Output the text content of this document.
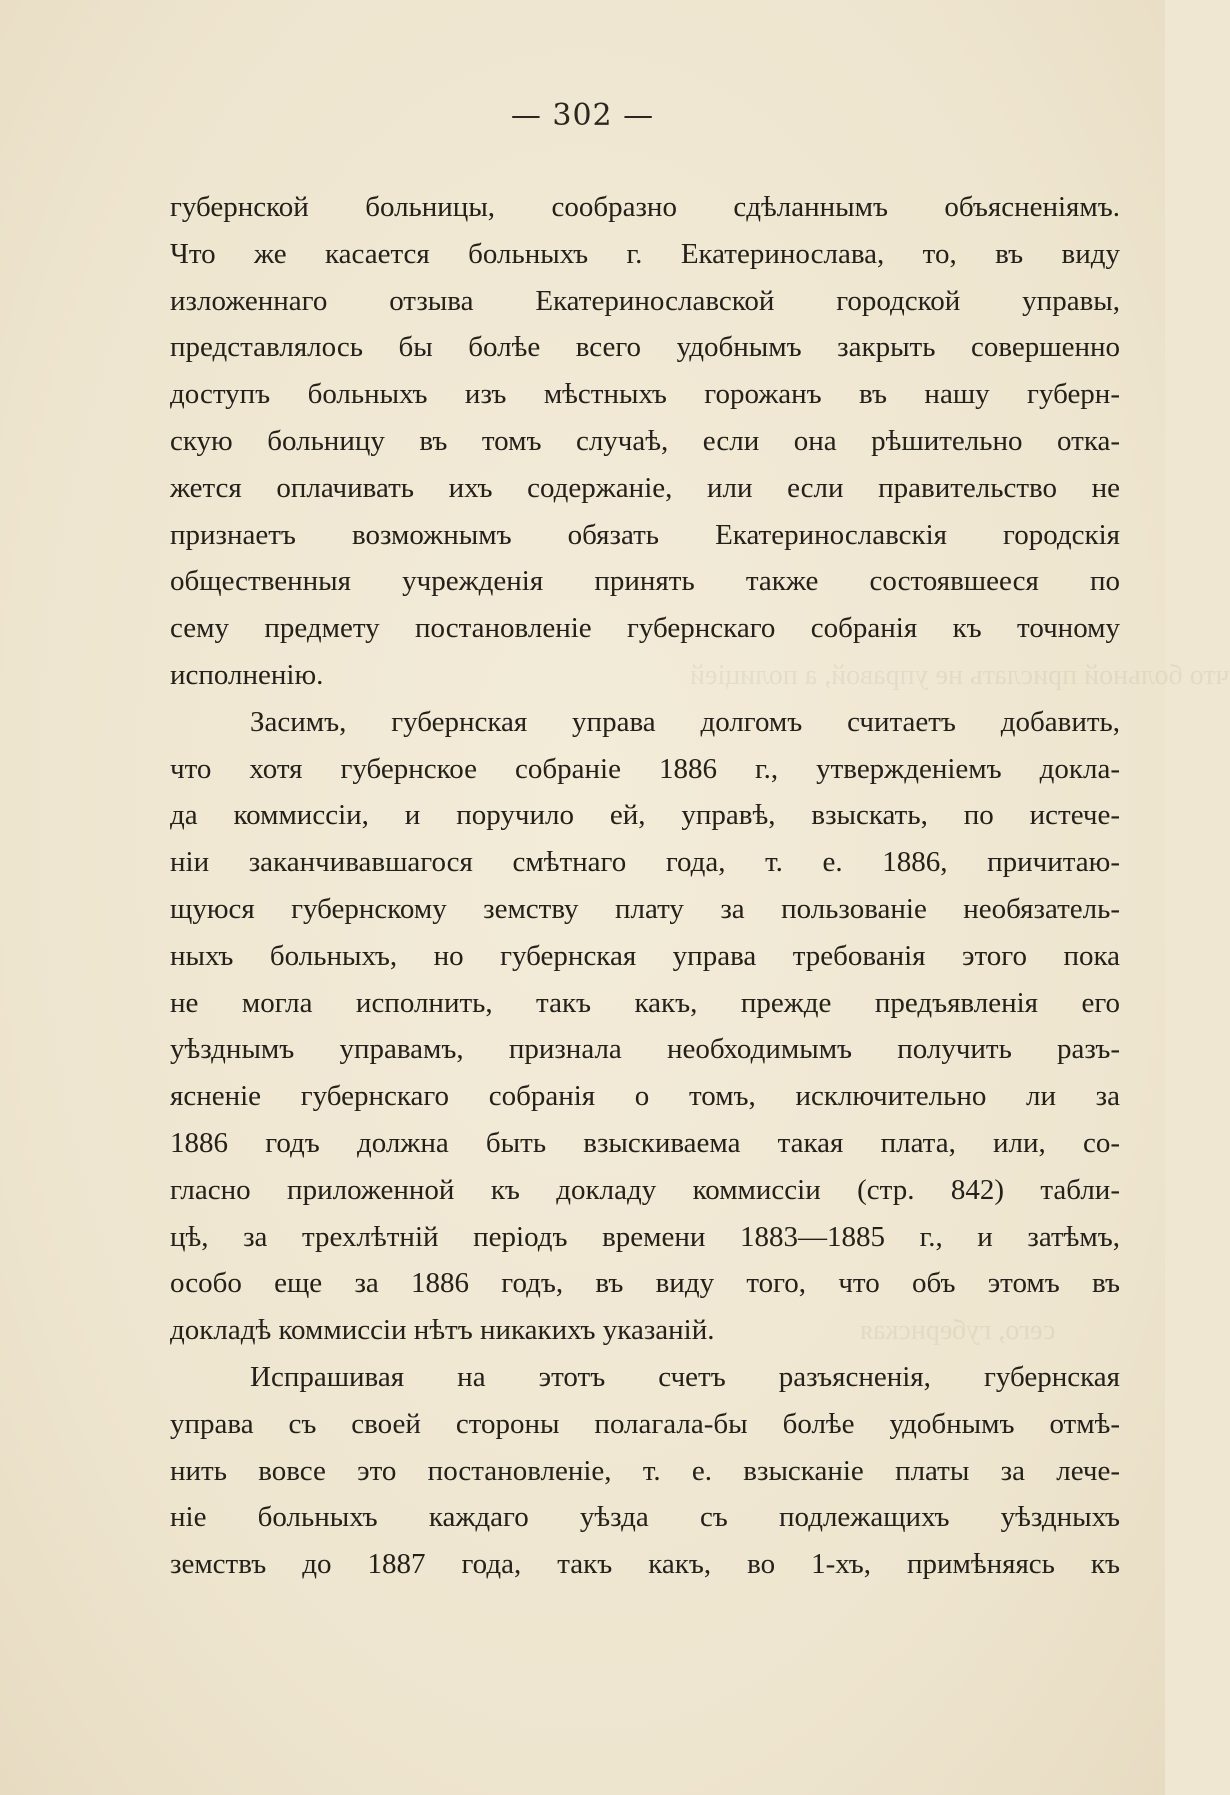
что больной прислать не управой, а полиціей
сего, губернская
— 302 —
губернской больницы, сообразно сдѣланнымъ объясненіямъ.
Что же касается больныхъ г. Екатеринослава, то, въ виду
изложеннаго отзыва Екатеринославской городской управы,
представлялось бы болѣе всего удобнымъ закрыть совершенно
доступъ больныхъ изъ мѣстныхъ горожанъ въ нашу губерн-
скую больницу въ томъ случаѣ, если она рѣшительно отка-
жется оплачивать ихъ содержаніе, или если правительство не
признаетъ возможнымъ обязать Екатеринославскія городскія
общественныя учрежденія принять также состоявшееся по
сему предмету постановленіе губернскаго собранія къ точному
исполненію.
Засимъ, губернская управа долгомъ считаетъ добавить,
что хотя губернское собраніе 1886 г., утвержденіемъ докла-
да коммиссіи, и поручило ей, управѣ, взыскать, по истече-
ніи заканчивавшагося смѣтнаго года, т. е. 1886, причитаю-
щуюся губернскому земству плату за пользованіе необязатель-
ныхъ больныхъ, но губернская управа требованія этого пока
не могла исполнить, такъ какъ, прежде предъявленія его
уѣзднымъ управамъ, признала необходимымъ получить разъ-
ясненіе губернскаго собранія о томъ, исключительно ли за
1886 годъ должна быть взыскиваема такая плата, или, со-
гласно приложенной къ докладу коммиссіи (стр. 842) табли-
цѣ, за трехлѣтній періодъ времени 1883—1885 г., и затѣмъ,
особо еще за 1886 годъ, въ виду того, что объ этомъ въ
докладѣ коммиссіи нѣтъ никакихъ указаній.
Испрашивая на этотъ счетъ разъясненія, губернская
управа съ своей стороны полагала-бы болѣе удобнымъ отмѣ-
нить вовсе это постановленіе, т. е. взысканіе платы за лече-
ніе больныхъ каждаго уѣзда съ подлежащихъ уѣздныхъ
земствъ до 1887 года, такъ какъ, во 1-хъ, примѣняясь къ
